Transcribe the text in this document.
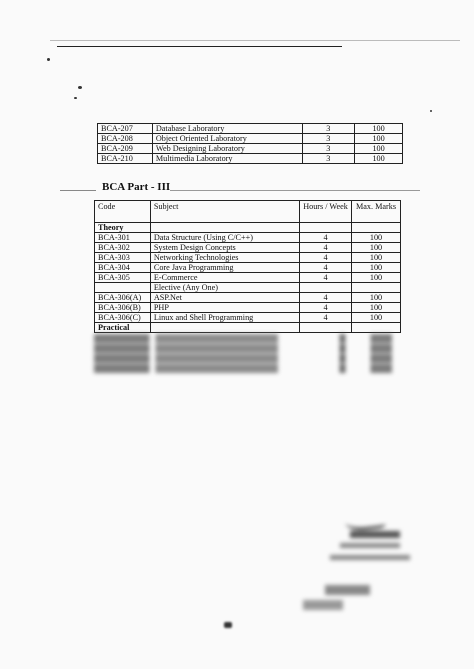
BCA-207	Database Laboratory	3	100
BCA-208	Object Oriented Laboratory	3	100
BCA-209	Web Designing Laboratory	3	100
BCA-210	Multimedia Laboratory	3	100
BCA Part - III
Code	Subject	Hours / Week	Max. Marks
Theory			
BCA-301	Data Structure (Using C/C++)	4	100
BCA-302	System Design Concepts	4	100
BCA-303	Networking Technologies	4	100
BCA-304	Core Java Programming	4	100
BCA-305	E-Commerce	4	100
	Elective (Any One)		
BCA-306(A)	ASP.Net	4	100
BCA-306(B)	PHP	4	100
BCA-306(C)	Linux and Shell Programming	4	100
Practical			
